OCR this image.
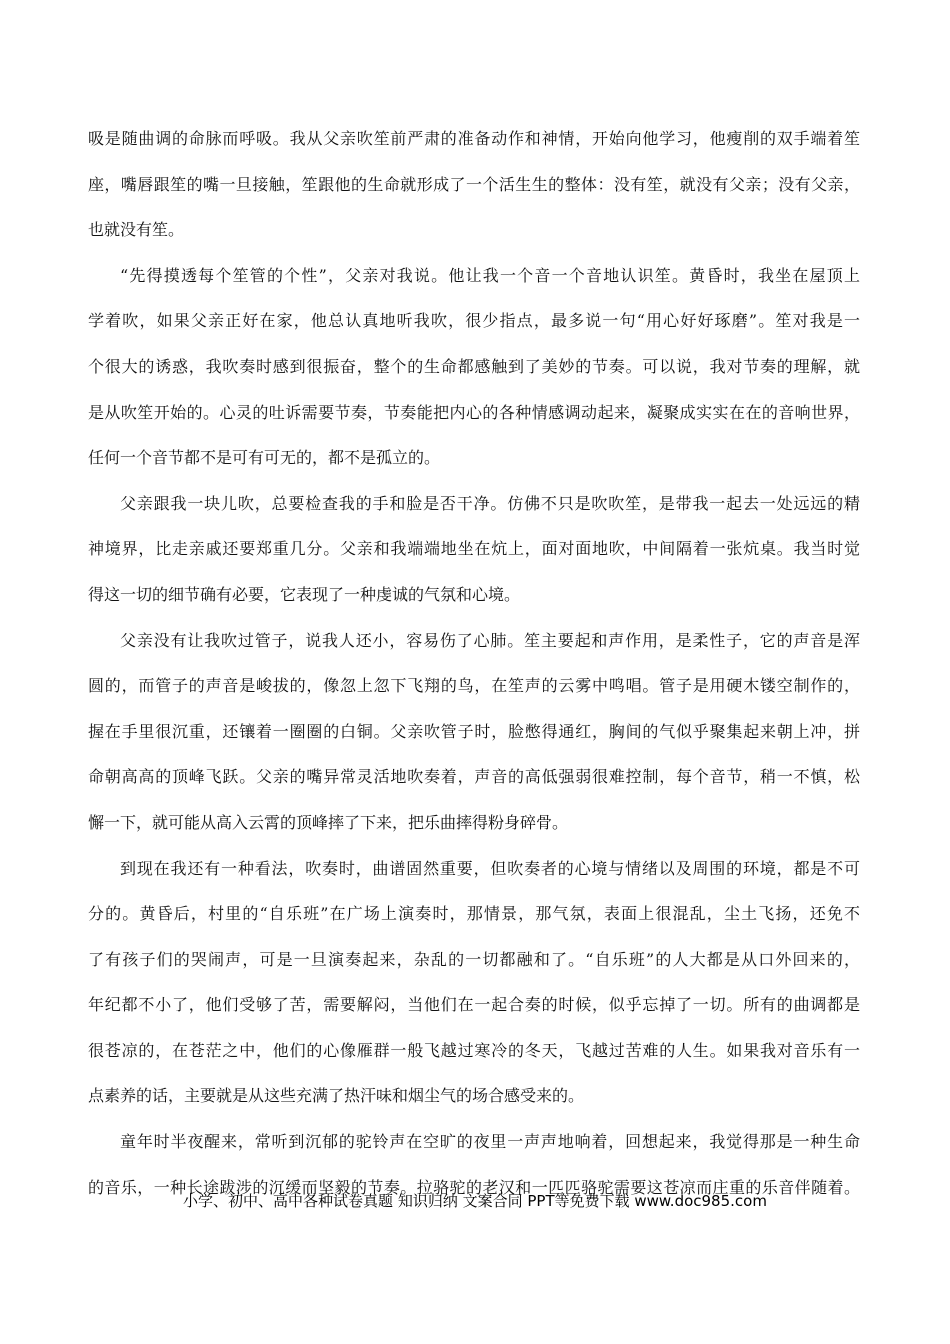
吸是随曲调的命脉而呼吸。我从父亲吹笙前严肃的准备动作和神情，开始向他学习，他瘦削的双手端着笙
座，嘴唇跟笙的嘴一旦接触，笙跟他的生命就形成了一个活生生的整体：没有笙，就没有父亲；没有父亲，
也就没有笙。
“先得摸透每个笙管的个性”，父亲对我说。他让我一个音一个音地认识笙。黄昏时，我坐在屋顶上
学着吹，如果父亲正好在家，他总认真地听我吹，很少指点，最多说一句“用心好好琢磨”。笙对我是一
个很大的诱惑，我吹奏时感到很振奋，整个的生命都感触到了美妙的节奏。可以说，我对节奏的理解，就
是从吹笙开始的。心灵的吐诉需要节奏，节奏能把内心的各种情感调动起来，凝聚成实实在在的音响世界，
任何一个音节都不是可有可无的，都不是孤立的。
父亲跟我一块儿吹，总要检查我的手和脸是否干净。仿佛不只是吹吹笙，是带我一起去一处远远的精
神境界，比走亲戚还要郑重几分。父亲和我端端地坐在炕上，面对面地吹，中间隔着一张炕桌。我当时觉
得这一切的细节确有必要，它表现了一种虔诚的气氛和心境。
父亲没有让我吹过管子，说我人还小，容易伤了心肺。笙主要起和声作用，是柔性子，它的声音是浑
圆的，而管子的声音是峻拔的，像忽上忽下飞翔的鸟，在笙声的云雾中鸣唱。管子是用硬木镂空制作的，
握在手里很沉重，还镶着一圈圈的白铜。父亲吹管子时，脸憋得通红，胸间的气似乎聚集起来朝上冲，拼
命朝高高的顶峰飞跃。父亲的嘴异常灵活地吹奏着，声音的高低强弱很难控制，每个音节，稍一不慎，松
懈一下，就可能从高入云霄的顶峰摔了下来，把乐曲摔得粉身碎骨。
到现在我还有一种看法，吹奏时，曲谱固然重要，但吹奏者的心境与情绪以及周围的环境，都是不可
分的。黄昏后，村里的“自乐班”在广场上演奏时，那情景，那气氛，表面上很混乱，尘土飞扬，还免不
了有孩子们的哭闹声，可是一旦演奏起来，杂乱的一切都融和了。“自乐班”的人大都是从口外回来的，
年纪都不小了，他们受够了苦，需要解闷，当他们在一起合奏的时候，似乎忘掉了一切。所有的曲调都是
很苍凉的，在苍茫之中，他们的心像雁群一般飞越过寒冷的冬天，飞越过苦难的人生。如果我对音乐有一
点素养的话，主要就是从这些充满了热汗味和烟尘气的场合感受来的。
童年时半夜醒来，常听到沉郁的驼铃声在空旷的夜里一声声地响着，回想起来，我觉得那是一种生命
的音乐，一种长途跋涉的沉缓而坚毅的节奏。拉骆驼的老汉和一匹匹骆驼需要这苍凉而庄重的乐音伴随着。
小学、初中、高中各种试卷真题 知识归纳 文案合同 PPT等免费下载 www.doc985.com
